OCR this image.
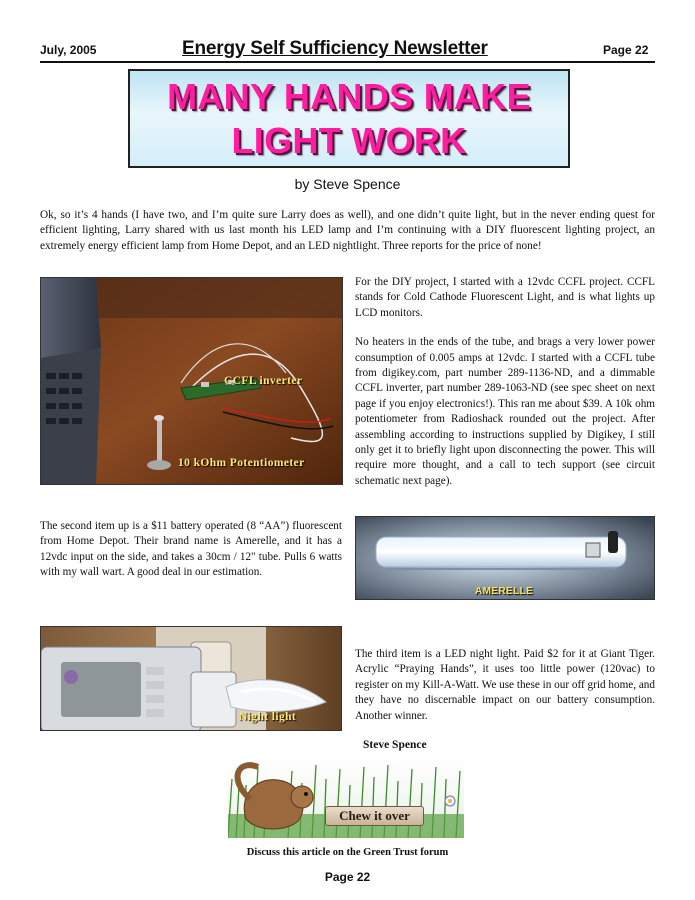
July, 2005	Energy Self Sufficiency Newsletter	Page 22
MANY HANDS MAKE
LIGHT WORK
by Steve Spence
Ok, so it’s 4 hands (I have two, and I’m quite sure Larry does as well), and one didn’t quite light, but in the never ending quest for efficient lighting, Larry shared with us last month his LED lamp and I’m continuing with a DIY fluorescent lighting project, an extremely energy efficient lamp from Home Depot, and an LED nightlight. Three reports for the price of none!
CCFL inverter
10 kOhm Potentiometer

For the DIY project, I started with a 12vdc CCFL project. CCFL stands for Cold Cathode Fluorescent Light, and is what lights up LCD monitors.

No heaters in the ends of the tube, and brags a very lower power consumption of 0.005 amps at 12vdc. I started with a CCFL tube from digikey.com, part number 289-1136-ND, and a dimmable CCFL inverter, part number 289-1063-ND (see spec sheet on next page if you enjoy electronics!). This ran me about $39. A 10k ohm potentiometer from Radioshack rounded out the project. After assembling according to instructions supplied by Digikey, I still only get it to briefly light upon disconnecting the power. This will require more thought, and a call to tech support (see circuit schematic next page).

The second item up is a $11 battery operated (8 “AA”) fluorescent from Home Depot. Their brand name is Amerelle, and it has a 12vdc input on the side, and takes a 30cm / 12" tube. Pulls 6 watts with my wall wart. A good deal in our estimation.
AMERELLE
Night light
The third item is a LED night light. Paid $2 for it at Giant Tiger. Acrylic “Praying Hands”, it uses too little power (120vac) to register on my Kill-A-Watt. We use these in our off grid home, and they have no discernable impact on our battery consumption. Another winner.
Steve Spence
Chew it over
Discuss this article on the Green Trust forum
Page 22
